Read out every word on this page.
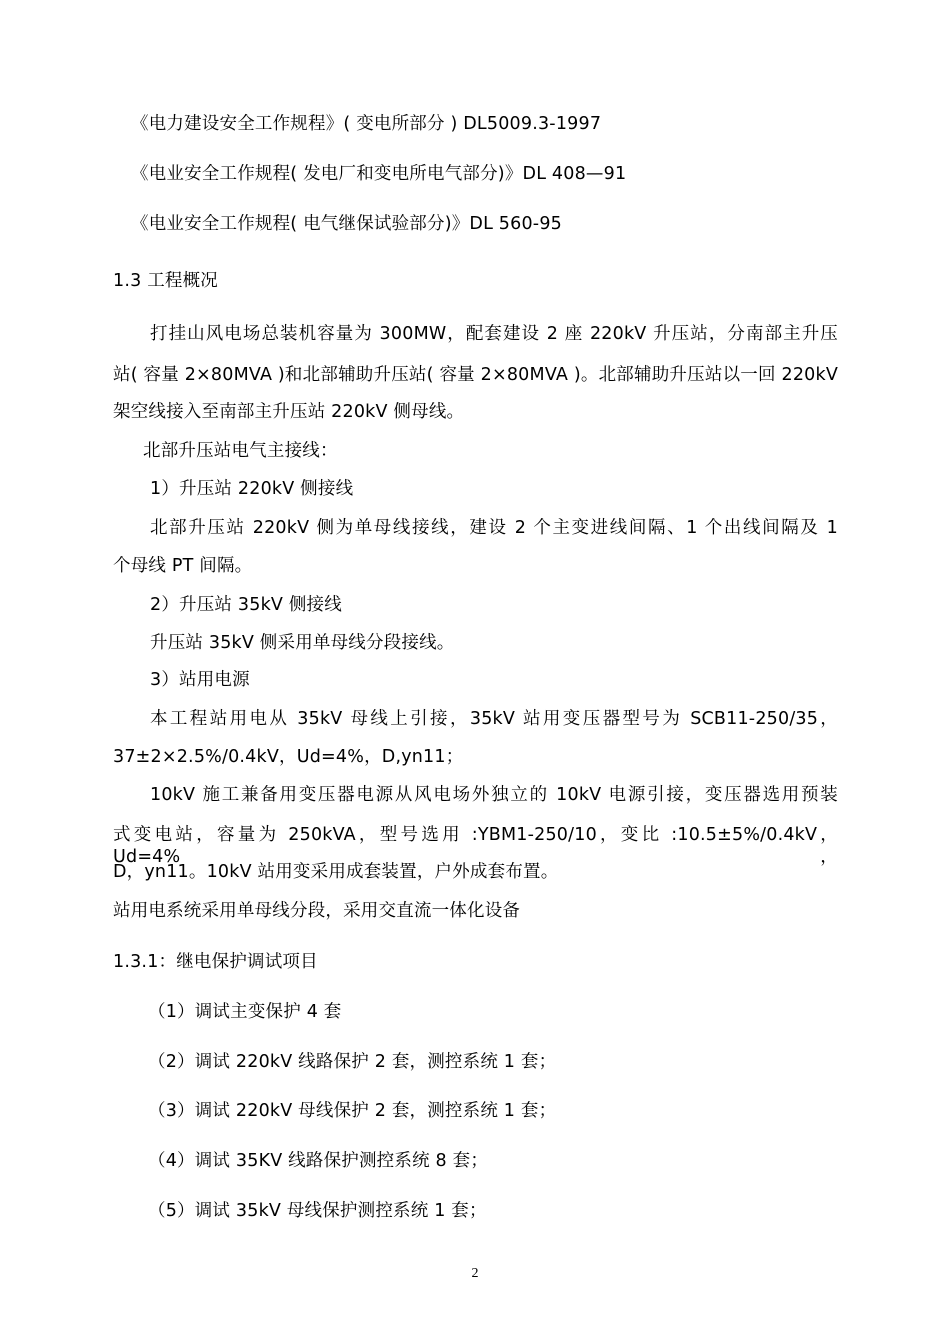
《电力建设安全工作规程》( 变电所部分 ) DL5009.3-1997
《电业安全工作规程( 发电厂和变电所电气部分)》DL 408—91
《电业安全工作规程( 电气继保试验部分)》DL 560-95
1.3 工程概况
打挂山风电场总装机容量为 300MW，配套建设 2 座 220kV 升压站，分南部主升压
站( 容量 2×80MVA )和北部辅助升压站( 容量 2×80MVA )。北部辅助升压站以一回 220kV
架空线接入至南部主升压站 220kV 侧母线。
北部升压站电气主接线：
1）升压站 220kV 侧接线
北部升压站 220kV 侧为单母线接线，建设 2 个主变进线间隔、1 个出线间隔及 1
个母线 PT 间隔。
2）升压站 35kV 侧接线
升压站 35kV 侧采用单母线分段接线。
3）站用电源
本工程站用电从 35kV 母线上引接，35kV 站用变压器型号为 SCB11-250/35，
37±2×2.5%/0.4kV，Ud=4%，D,yn11；
10kV 施工兼备用变压器电源从风电场外独立的 10kV 电源引接，变压器选用预装
式变电站，容量为 250kVA，型号选用 :YBM1-250/10，变比 :10.5±5%/0.4kV，Ud=4%，
D，yn11。10kV 站用变采用成套装置，户外成套布置。
站用电系统采用单母线分段，采用交直流一体化设备
1.3.1：继电保护调试项目
（1）调试主变保护 4 套
（2）调试 220kV 线路保护 2 套，测控系统 1 套；
（3）调试 220kV 母线保护 2 套，测控系统 1 套；
（4）调试 35KV 线路保护测控系统 8 套；
（5）调试 35kV 母线保护测控系统 1 套；
2
